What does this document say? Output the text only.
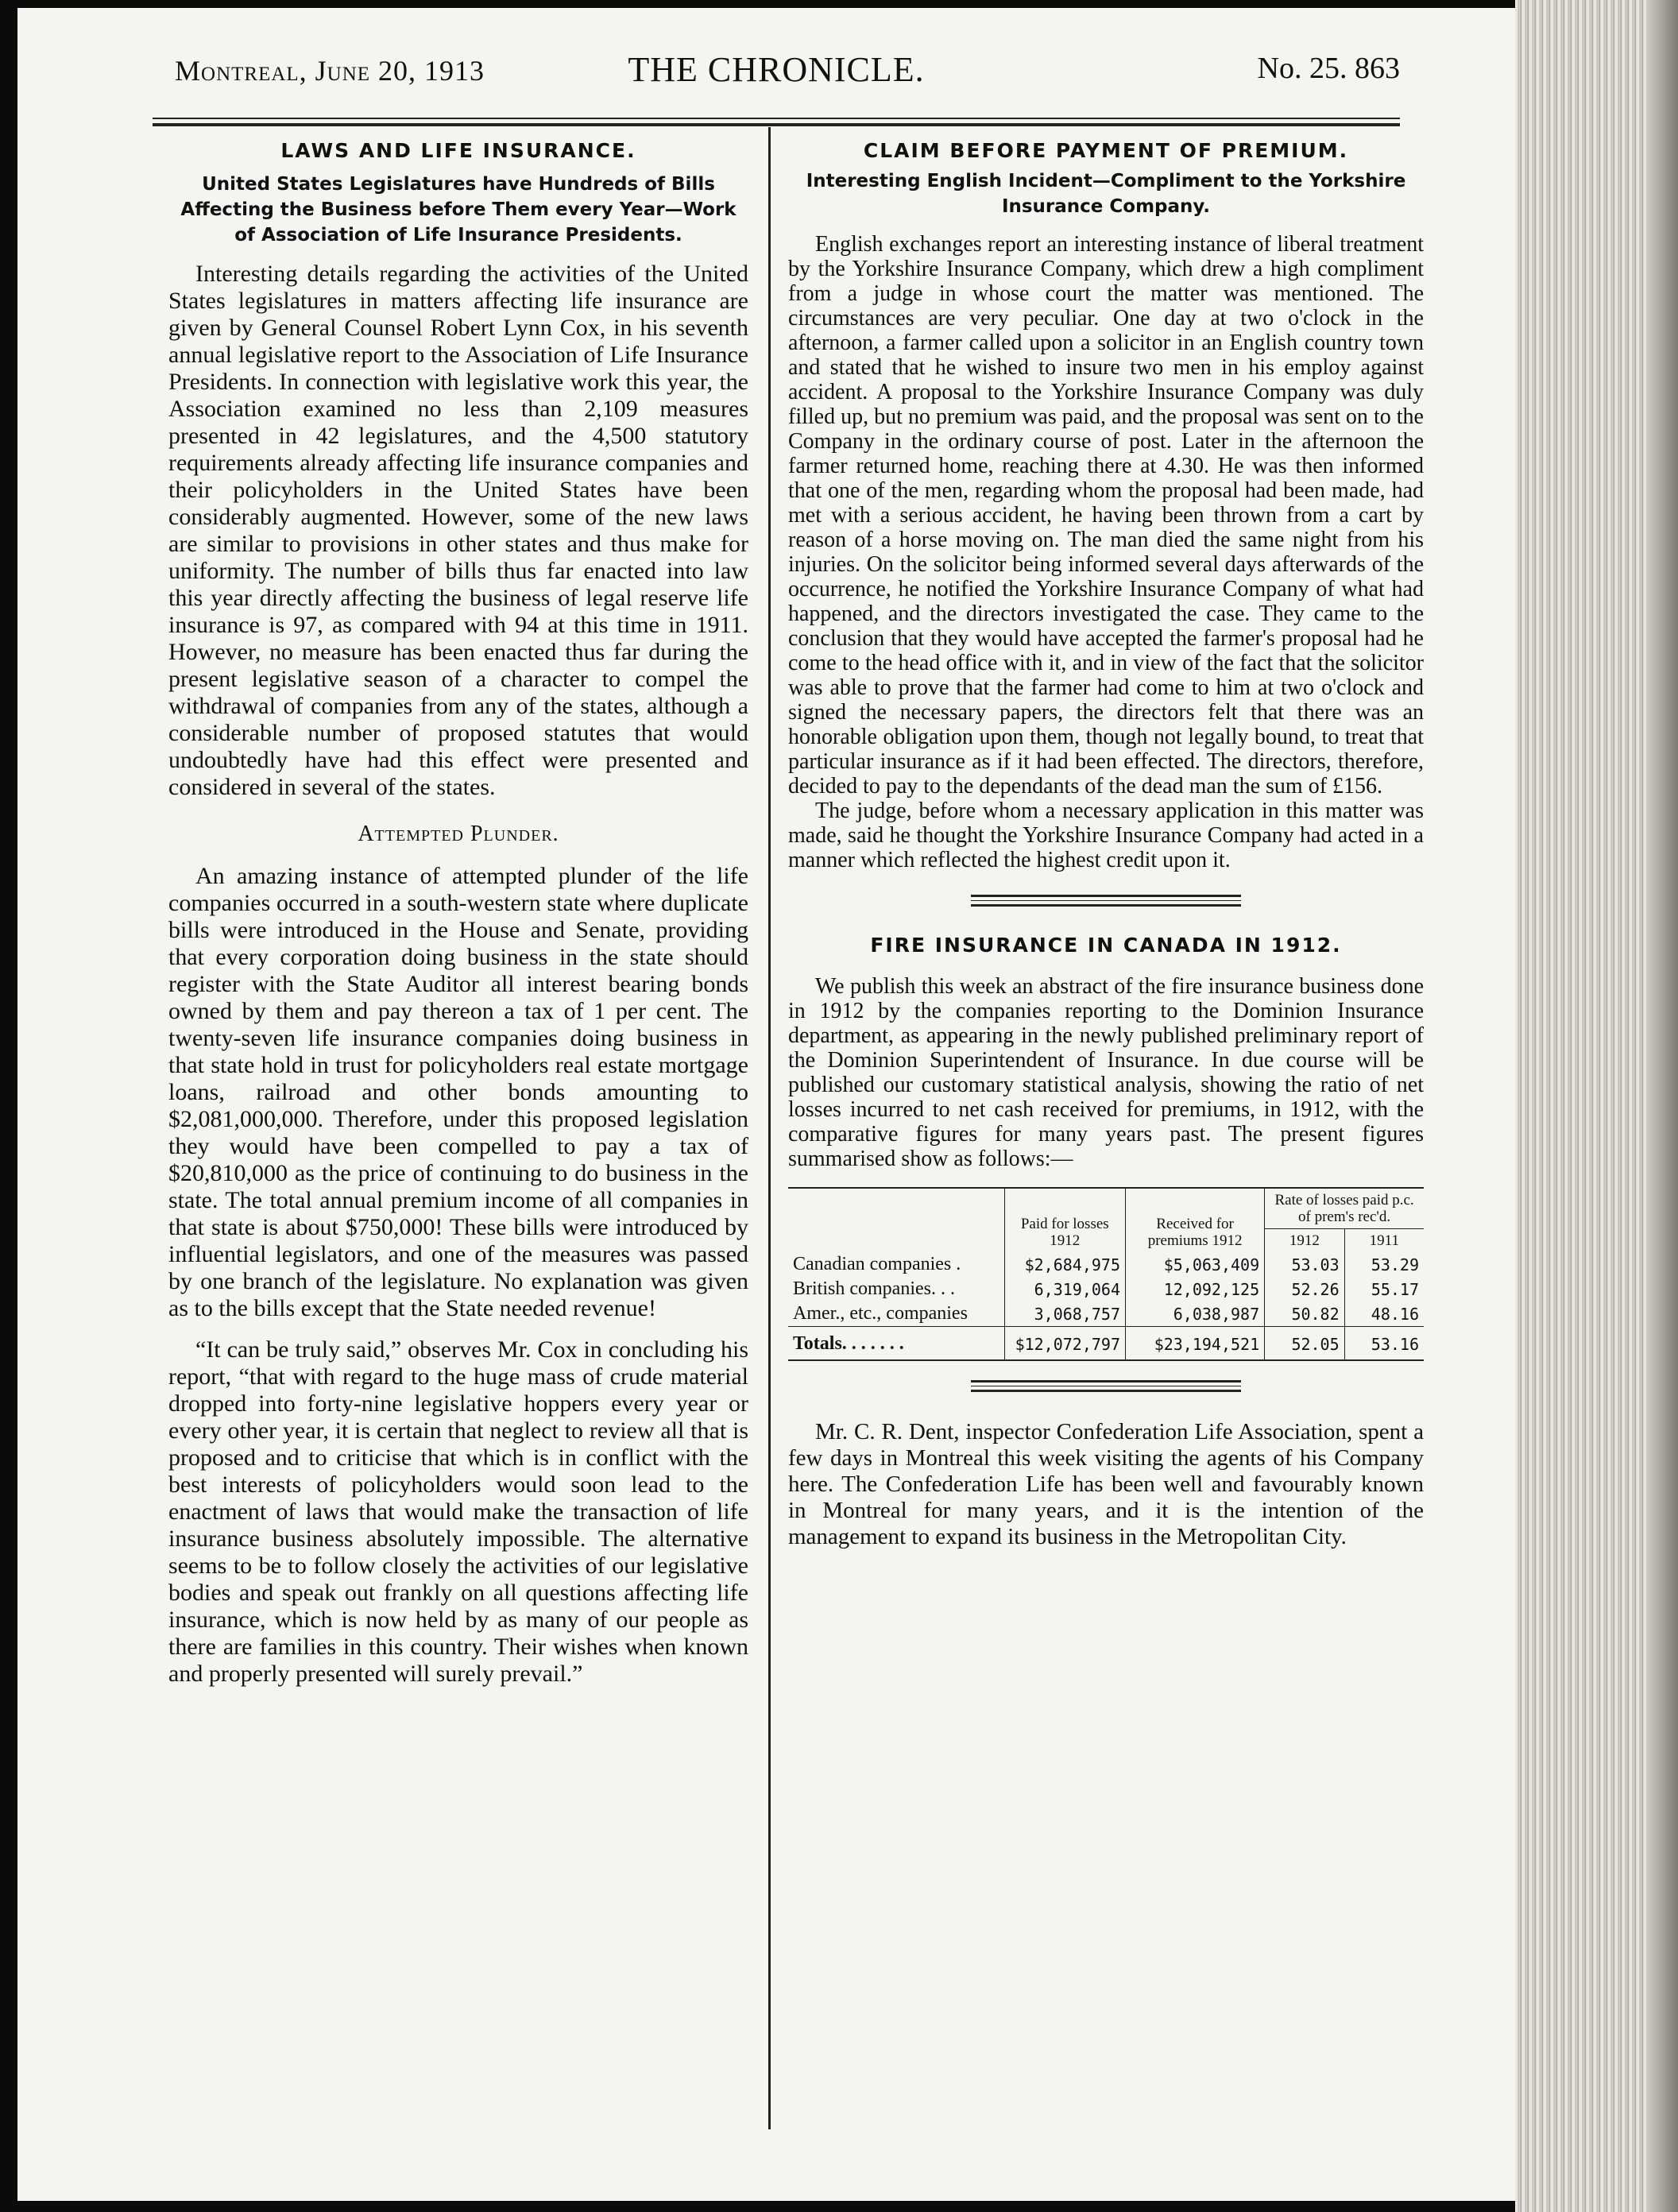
Montreal, June 20, 1913	THE CHRONICLE.	No. 25. 863
LAWS AND LIFE INSURANCE.
United States Legislatures have Hundreds of Bills Affecting the Business before Them every Year—Work of Association of Life Insurance Presidents.

Interesting details regarding the activities of the United States legislatures in matters affecting life insurance are given by General Counsel Robert Lynn Cox, in his seventh annual legislative report to the Association of Life Insurance Presidents. In connection with legislative work this year, the Association examined no less than 2,109 measures presented in 42 legislatures, and the 4,500 statutory requirements already affecting life insurance companies and their policyholders in the United States have been considerably augmented. However, some of the new laws are similar to provisions in other states and thus make for uniformity. The number of bills thus far enacted into law this year directly affecting the business of legal reserve life insurance is 97, as compared with 94 at this time in 1911. However, no measure has been enacted thus far during the present legislative season of a character to compel the withdrawal of companies from any of the states, although a considerable number of proposed statutes that would undoubtedly have had this effect were presented and considered in several of the states.

Attempted Plunder.

An amazing instance of attempted plunder of the life companies occurred in a south-western state where duplicate bills were introduced in the House and Senate, providing that every corporation doing business in the state should register with the State Auditor all interest bearing bonds owned by them and pay thereon a tax of 1 per cent. The twenty-seven life insurance companies doing business in that state hold in trust for policyholders real estate mortgage loans, railroad and other bonds amounting to $2,081,000,000. Therefore, under this proposed legislation they would have been compelled to pay a tax of $20,810,000 as the price of continuing to do business in the state. The total annual premium income of all companies in that state is about $750,000! These bills were introduced by influential legislators, and one of the measures was passed by one branch of the legislature. No explanation was given as to the bills except that the State needed revenue!

“It can be truly said,” observes Mr. Cox in concluding his report, “that with regard to the huge mass of crude material dropped into forty-nine legislative hoppers every year or every other year, it is certain that neglect to review all that is proposed and to criticise that which is in conflict with the best interests of policyholders would soon lead to the enactment of laws that would make the transaction of life insurance business absolutely impossible. The alternative seems to be to follow closely the activities of our legislative bodies and speak out frankly on all questions affecting life insurance, which is now held by as many of our people as there are families in this country. Their wishes when known and properly presented will surely prevail.”

CLAIM BEFORE PAYMENT OF PREMIUM.
Interesting English Incident—Compliment to the Yorkshire Insurance Company.

English exchanges report an interesting instance of liberal treatment by the Yorkshire Insurance Company, which drew a high compliment from a judge in whose court the matter was mentioned. The circumstances are very peculiar. One day at two o'clock in the afternoon, a farmer called upon a solicitor in an English country town and stated that he wished to insure two men in his employ against accident. A proposal to the Yorkshire Insurance Company was duly filled up, but no premium was paid, and the proposal was sent on to the Company in the ordinary course of post. Later in the afternoon the farmer returned home, reaching there at 4.30. He was then informed that one of the men, regarding whom the proposal had been made, had met with a serious accident, he having been thrown from a cart by reason of a horse moving on. The man died the same night from his injuries. On the solicitor being informed several days afterwards of the occurrence, he notified the Yorkshire Insurance Company of what had happened, and the directors investigated the case. They came to the conclusion that they would have accepted the farmer's proposal had he come to the head office with it, and in view of the fact that the solicitor was able to prove that the farmer had come to him at two o'clock and signed the necessary papers, the directors felt that there was an honorable obligation upon them, though not legally bound, to treat that particular insurance as if it had been effected. The directors, therefore, decided to pay to the dependants of the dead man the sum of £156.

The judge, before whom a necessary application in this matter was made, said he thought the Yorkshire Insurance Company had acted in a manner which reflected the highest credit upon it.

FIRE INSURANCE IN CANADA IN 1912.

We publish this week an abstract of the fire insurance business done in 1912 by the companies reporting to the Dominion Insurance department, as appearing in the newly published preliminary report of the Dominion Superintendent of Insurance. In due course will be published our customary statistical analysis, showing the ratio of net losses incurred to net cash received for premiums, in 1912, with the comparative figures for many years past. The present figures summarised show as follows:—

	Paid for losses 1912	Received for premiums 1912	Rate of losses paid p.c. of prem's rec'd.	
			1912	1911
Canadian companies .	$2,684,975	$5,063,409	53.03	53.29
British companies. . .	6,319,064	12,092,125	52.26	55.17
Amer., etc., companies	3,068,757	6,038,987	50.82	48.16
Totals. . . . . . .	$12,072,797	$23,194,521	52.05	53.16

Mr. C. R. Dent, inspector Confederation Life Association, spent a few days in Montreal this week visiting the agents of his Company here. The Confederation Life has been well and favourably known in Montreal for many years, and it is the intention of the management to expand its business in the Metropolitan City.
